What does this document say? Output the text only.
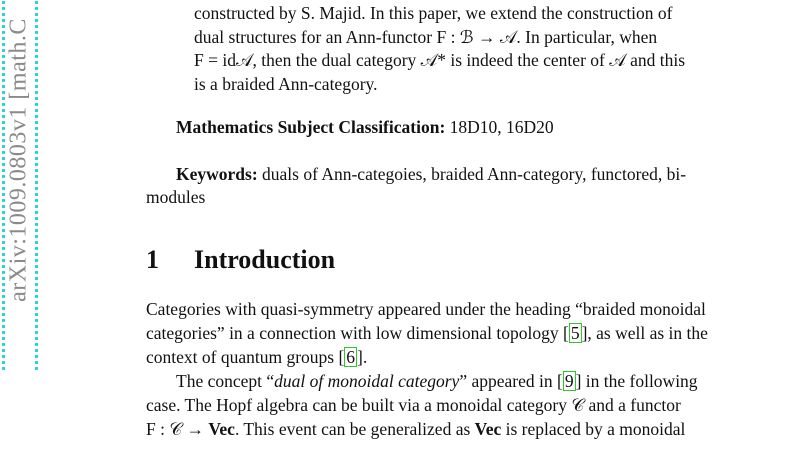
arXiv:1009.0803v1 [math.C
constructed by S. Majid. In this paper, we extend the construction of
dual structures for an Ann-functor F : ℬ → 𝒜. In particular, when
F = id𝒜, then the dual category 𝒜* is indeed the center of 𝒜 and this
is a braided Ann-category.
Mathematics Subject Classification: 18D10, 16D20
Keywords: duals of Ann-categoies, braided Ann-category, functored, bi-
modules
1 Introduction
Categories with quasi-symmetry appeared under the heading “braided monoidal
categories” in a connection with low dimensional topology [ 5 ], as well as in the
context of quantum groups [ 6 ].
The concept “dual of monoidal category” appeared in [ 9 ] in the following
case. The Hopf algebra can be built via a monoidal category 𝒞 and a functor
F : 𝒞 → Vec. This event can be generalized as Vec is replaced by a monoidal
